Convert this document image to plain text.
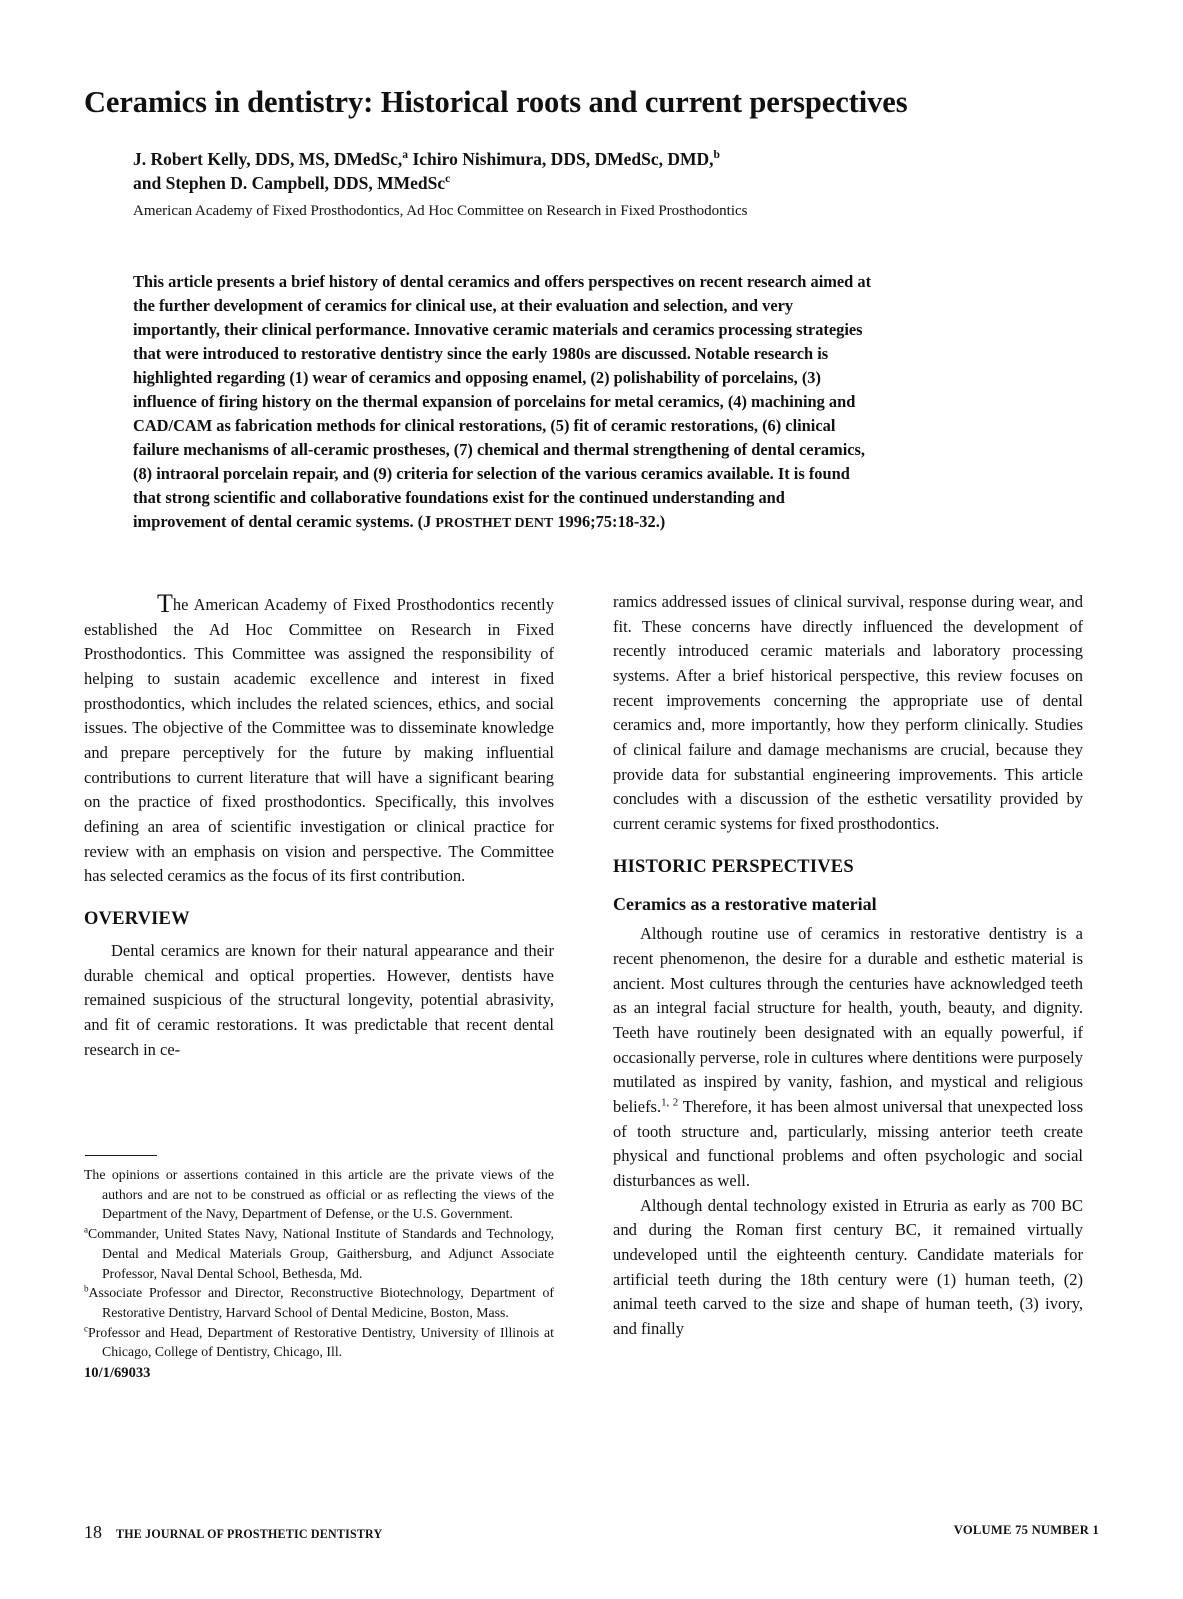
Ceramics in dentistry: Historical roots and current perspectives
J. Robert Kelly, DDS, MS, DMedSc,$^a$ Ichiro Nishimura, DDS, DMedSc, DMD,$^b$
and Stephen D. Campbell, DDS, MMedSc$^c$
American Academy of Fixed Prosthodontics, Ad Hoc Committee on Research in Fixed Prosthodontics
This article presents a brief history of dental ceramics and offers perspectives on recent research aimed at the further development of ceramics for clinical use, at their evaluation and selection, and very importantly, their clinical performance. Innovative ceramic materials and ceramics processing strategies that were introduced to restorative dentistry since the early 1980s are discussed. Notable research is highlighted regarding (1) wear of ceramics and opposing enamel, (2) polishability of porcelains, (3) influence of firing history on the thermal expansion of porcelains for metal ceramics, (4) machining and CAD/CAM as fabrication methods for clinical restorations, (5) fit of ceramic restorations, (6) clinical failure mechanisms of all-ceramic prostheses, (7) chemical and thermal strengthening of dental ceramics, (8) intraoral porcelain repair, and (9) criteria for selection of the various ceramics available. It is found that strong scientific and collaborative foundations exist for the continued understanding and improvement of dental ceramic systems. (J PROSTHET DENT 1996;75:18-32.)

The American Academy of Fixed Prosthodontics recently established the Ad Hoc Committee on Research in Fixed Prosthodontics. This Committee was assigned the responsibility of helping to sustain academic excellence and interest in fixed prosthodontics, which includes the related sciences, ethics, and social issues. The objective of the Committee was to disseminate knowledge and prepare perceptively for the future by making influential contributions to current literature that will have a significant bearing on the practice of fixed prosthodontics. Specifically, this involves defining an area of scientific investigation or clinical practice for review with an emphasis on vision and perspective. The Committee has selected ceramics as the focus of its first contribution.

OVERVIEW

Dental ceramics are known for their natural appearance and their durable chemical and optical properties. However, dentists have remained suspicious of the structural longevity, potential abrasivity, and fit of ceramic restorations. It was predictable that recent dental research in ce-

ramics addressed issues of clinical survival, response during wear, and fit. These concerns have directly influenced the development of recently introduced ceramic materials and laboratory processing systems. After a brief historical perspective, this review focuses on recent improvements concerning the appropriate use of dental ceramics and, more importantly, how they perform clinically. Studies of clinical failure and damage mechanisms are crucial, because they provide data for substantial engineering improvements. This article concludes with a discussion of the esthetic versatility provided by current ceramic systems for fixed prosthodontics.

HISTORIC PERSPECTIVES
Ceramics as a restorative material

Although routine use of ceramics in restorative dentistry is a recent phenomenon, the desire for a durable and esthetic material is ancient. Most cultures through the centuries have acknowledged teeth as an integral facial structure for health, youth, beauty, and dignity. Teeth have routinely been designated with an equally powerful, if occasionally perverse, role in cultures where dentitions were purposely mutilated as inspired by vanity, fashion, and mystical and religious beliefs.$^{1, 2}$ Therefore, it has been almost universal that unexpected loss of tooth structure and, particularly, missing anterior teeth create physical and functional problems and often psychologic and social disturbances as well.

Although dental technology existed in Etruria as early as 700 BC and during the Roman first century BC, it remained virtually undeveloped until the eighteenth century. Candidate materials for artificial teeth during the 18th century were (1) human teeth, (2) animal teeth carved to the size and shape of human teeth, (3) ivory, and finally

The opinions or assertions contained in this article are the private views of the authors and are not to be construed as official or as reflecting the views of the Department of the Navy, Department of Defense, or the U.S. Government.

$^a$Commander, United States Navy, National Institute of Standards and Technology, Dental and Medical Materials Group, Gaithersburg, and Adjunct Associate Professor, Naval Dental School, Bethesda, Md.

$^b$Associate Professor and Director, Reconstructive Biotechnology, Department of Restorative Dentistry, Harvard School of Dental Medicine, Boston, Mass.

$^c$Professor and Head, Department of Restorative Dentistry, University of Illinois at Chicago, College of Dentistry, Chicago, Ill.

10/1/69033

18 THE JOURNAL OF PROSTHETIC DENTISTRY	VOLUME 75 NUMBER 1
